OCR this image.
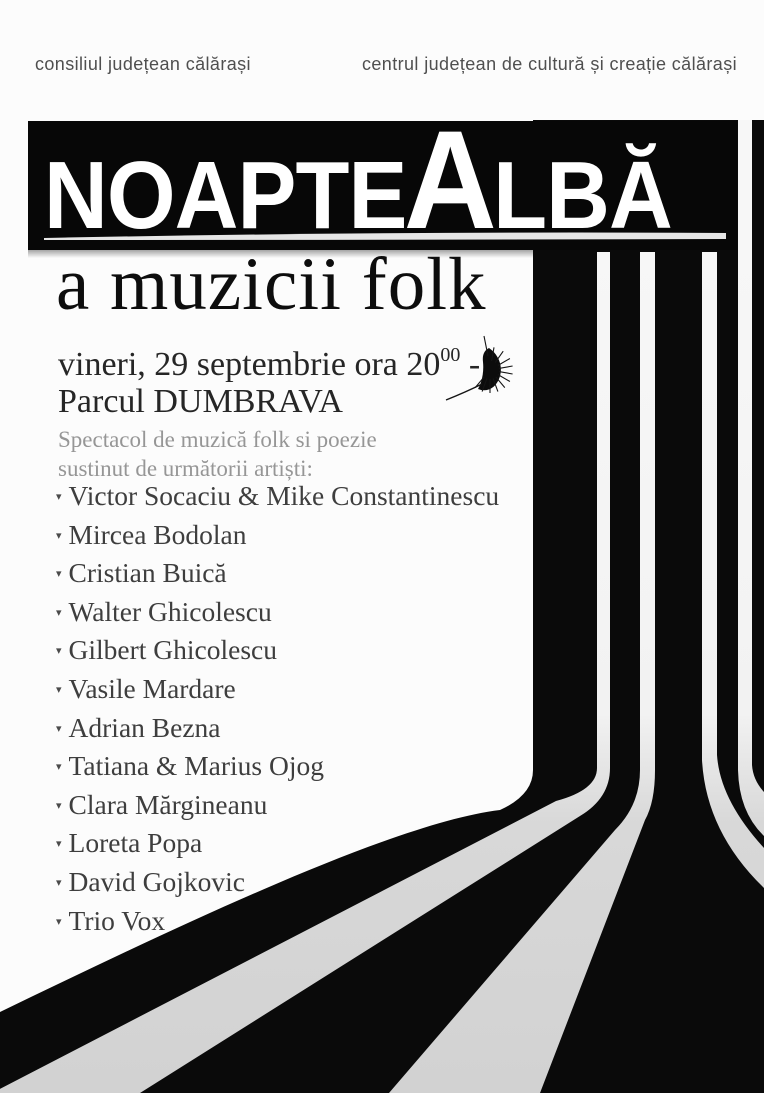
consiliul județean călărași	centrul județean de cultură și creație călărași
NOAPTEALBĂ
a muzicii folk
vineri, 29 septembrie ora $20^{00}$ -
Parcul DUMBRAVA
Spectacol de muzică folk si poezie
sustinut de următorii artiști:
▾ Victor Socaciu & Mike Constantinescu
▾ Mircea Bodolan
▾ Cristian Buică
▾ Walter Ghicolescu
▾ Gilbert Ghicolescu
▾ Vasile Mardare
▾ Adrian Bezna
▾ Tatiana & Marius Ojog
▾ Clara Mărgineanu
▾ Loreta Popa
▾ David Gojkovic
▾ Trio Vox
